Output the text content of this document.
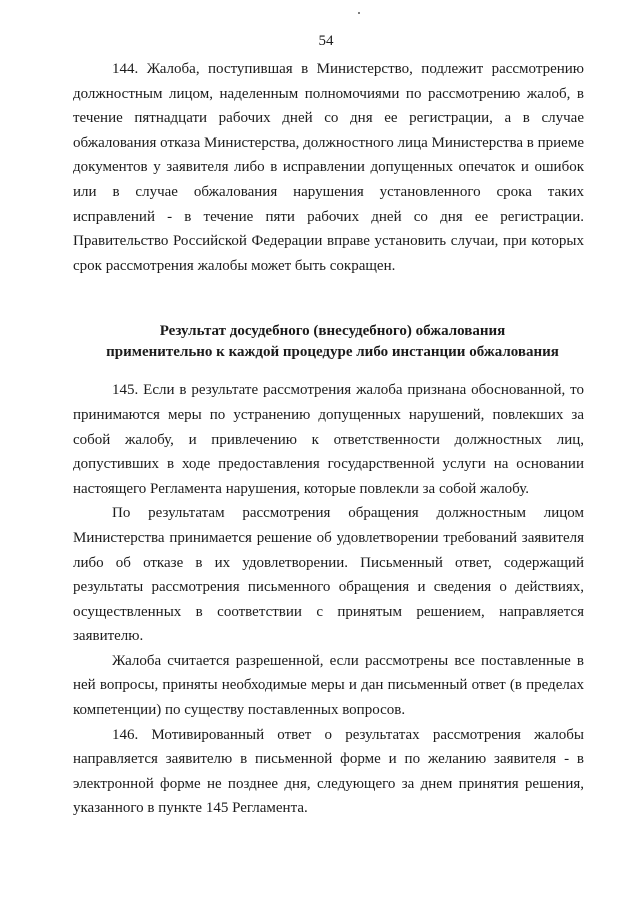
54

144. Жалоба, поступившая в Министерство, подлежит рассмотрению должностным лицом, наделенным полномочиями по рассмотрению жалоб, в течение пятнадцати рабочих дней со дня ее регистрации, а в случае обжалования отказа Министерства, должностного лица Министерства в приеме документов у заявителя либо в исправлении допущенных опечаток и ошибок или в случае обжалования нарушения установленного срока таких исправлений - в течение пяти рабочих дней со дня ее регистрации. Правительство Российской Федерации вправе установить случаи, при которых срок рассмотрения жалобы может быть сокращен.

Результат досудебного (внесудебного) обжалования
применительно к каждой процедуре либо инстанции обжалования

145. Если в результате рассмотрения жалоба признана обоснованной, то принимаются меры по устранению допущенных нарушений, повлекших за собой жалобу, и привлечению к ответственности должностных лиц, допустивших в ходе предоставления государственной услуги на основании настоящего Регламента нарушения, которые повлекли за собой жалобу.

По результатам рассмотрения обращения должностным лицом Министерства принимается решение об удовлетворении требований заявителя либо об отказе в их удовлетворении. Письменный ответ, содержащий результаты рассмотрения письменного обращения и сведения о действиях, осуществленных в соответствии с принятым решением, направляется заявителю.

Жалоба считается разрешенной, если рассмотрены все поставленные в ней вопросы, приняты необходимые меры и дан письменный ответ (в пределах компетенции) по существу поставленных вопросов.

146. Мотивированный ответ о результатах рассмотрения жалобы направляется заявителю в письменной форме и по желанию заявителя - в электронной форме не позднее дня, следующего за днем принятия решения, указанного в пункте 145 Регламента.
